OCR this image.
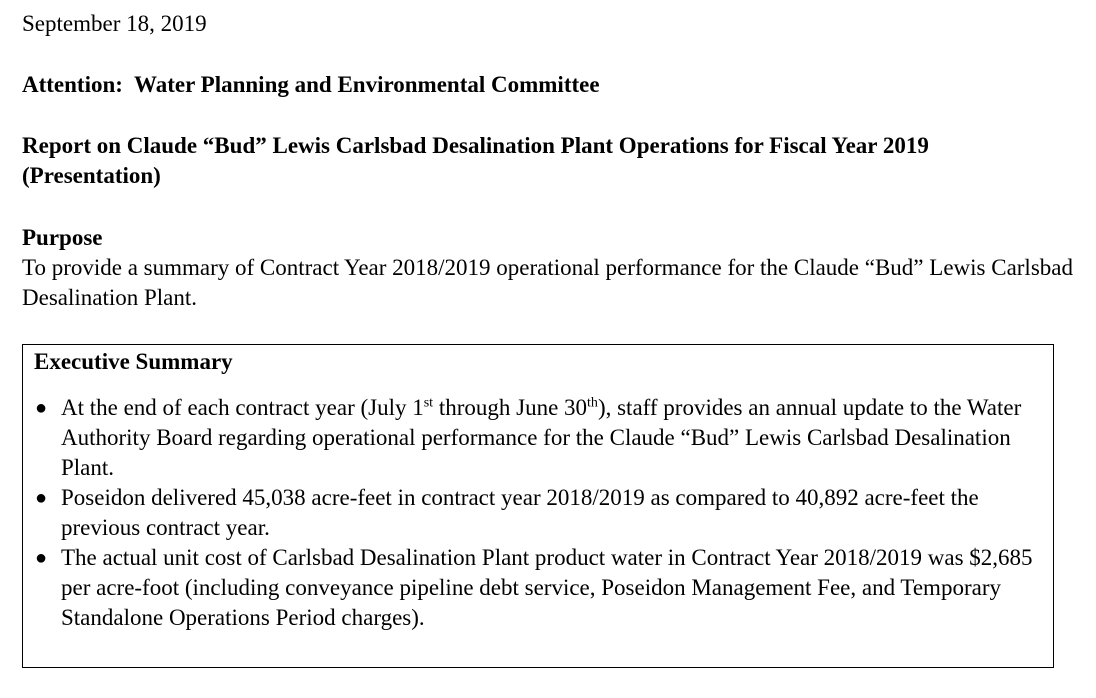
September 18, 2019
Attention:  Water Planning and Environmental Committee
Report on Claude “Bud” Lewis Carlsbad Desalination Plant Operations for Fiscal Year 2019 (Presentation)
Purpose
To provide a summary of Contract Year 2018/2019 operational performance for the Claude “Bud” Lewis Carlsbad Desalination Plant.
Executive Summary
● At the end of each contract year (July 1st through June 30th), staff provides an annual update to the Water Authority Board regarding operational performance for the Claude “Bud” Lewis Carlsbad Desalination Plant.
● Poseidon delivered 45,038 acre-feet in contract year 2018/2019 as compared to 40,892 acre-feet the previous contract year.
● The actual unit cost of Carlsbad Desalination Plant product water in Contract Year 2018/2019 was $2,685 per acre-foot (including conveyance pipeline debt service, Poseidon Management Fee, and Temporary Standalone Operations Period charges).
